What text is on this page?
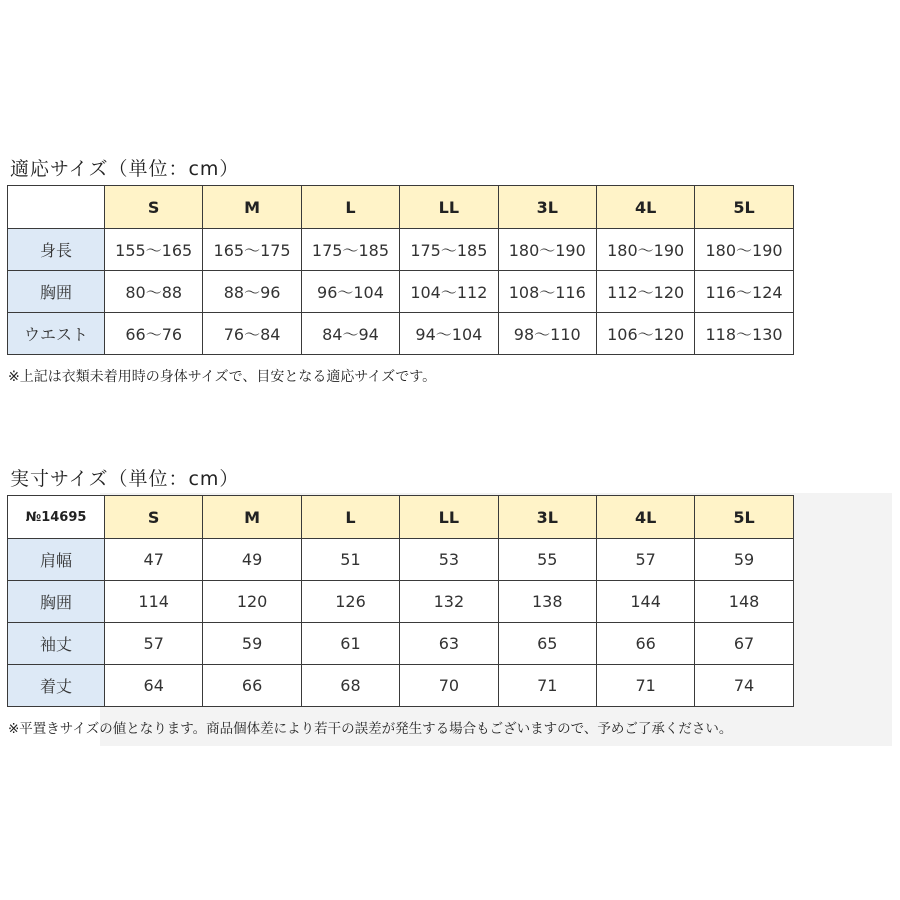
適応サイズ（単位：cm）
	S	M	L	LL	3L	4L	5L
身長	155〜165	165〜175	175〜185	175〜185	180〜190	180〜190	180〜190
胸囲	80〜88	88〜96	96〜104	104〜112	108〜116	112〜120	116〜124
ウエスト	66〜76	76〜84	84〜94	94〜104	98〜110	106〜120	118〜130

※上記は衣類未着用時の身体サイズで、目安となる適応サイズです。

実寸サイズ（単位：cm）
№14695	S	M	L	LL	3L	4L	5L
肩幅	47	49	51	53	55	57	59
胸囲	114	120	126	132	138	144	148
袖丈	57	59	61	63	65	66	67
着丈	64	66	68	70	71	71	74

※平置きサイズの値となります。商品個体差により若干の誤差が発生する場合もございますので、予めご了承ください。
